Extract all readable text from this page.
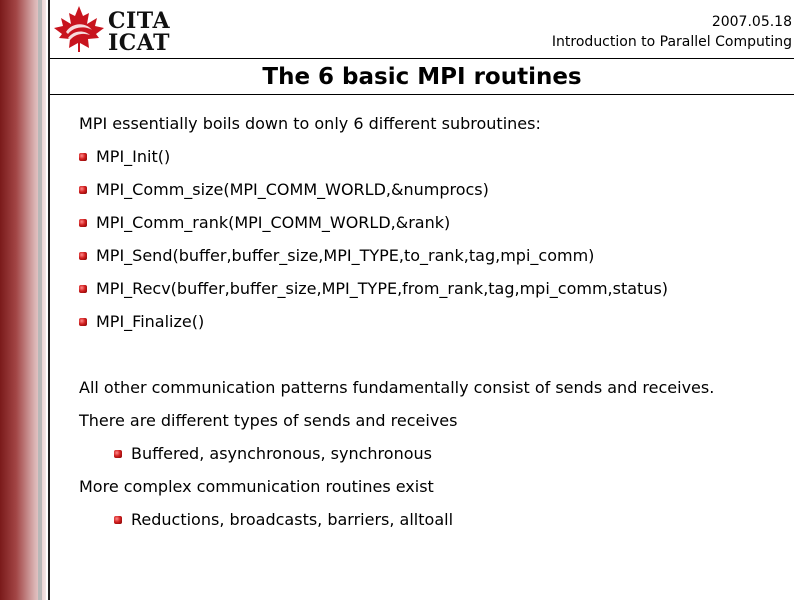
CITA
ICAT
2007.05.18
Introduction to Parallel Computing
The 6 basic MPI routines
MPI essentially boils down to only 6 different subroutines:
MPI_Init()
MPI_Comm_size(MPI_COMM_WORLD,&numprocs)
MPI_Comm_rank(MPI_COMM_WORLD,&rank)
MPI_Send(buffer,buffer_size,MPI_TYPE,to_rank,tag,mpi_comm)
MPI_Recv(buffer,buffer_size,MPI_TYPE,from_rank,tag,mpi_comm,status)
MPI_Finalize()
All other communication patterns fundamentally consist of sends and receives.
There are different types of sends and receives
Buffered, asynchronous, synchronous
More complex communication routines exist
Reductions, broadcasts, barriers, alltoall
